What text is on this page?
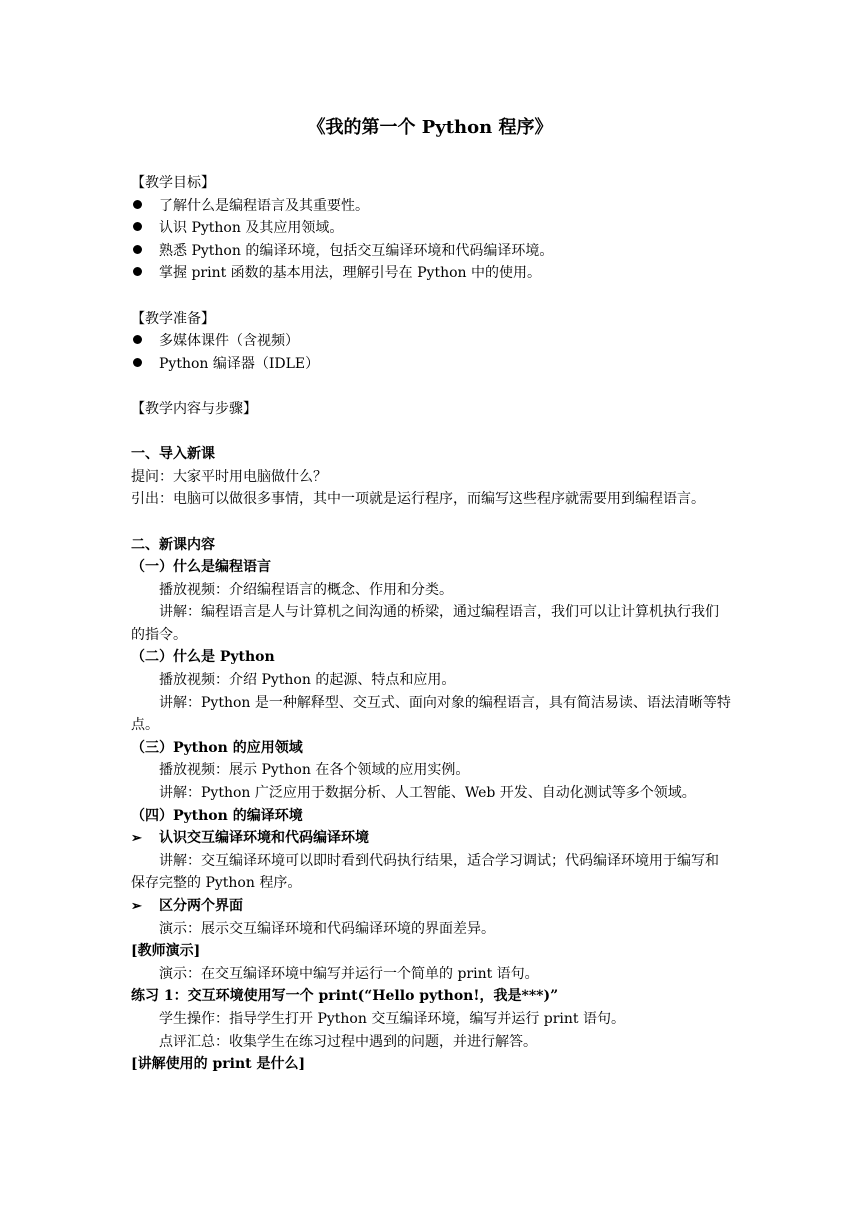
《我的第一个 Python 程序》
【教学目标】
了解什么是编程语言及其重要性。
认识 Python 及其应用领域。
熟悉 Python 的编译环境，包括交互编译环境和代码编译环境。
掌握 print 函数的基本用法，理解引号在 Python 中的使用。
【教学准备】
多媒体课件（含视频）
Python 编译器（IDLE）
【教学内容与步骤】
一、导入新课
提问：大家平时用电脑做什么？
引出：电脑可以做很多事情，其中一项就是运行程序，而编写这些程序就需要用到编程语言。
二、新课内容
（一）什么是编程语言
播放视频：介绍编程语言的概念、作用和分类。
讲解：编程语言是人与计算机之间沟通的桥梁，通过编程语言，我们可以让计算机执行我们的指令。
（二）什么是 Python
播放视频：介绍 Python 的起源、特点和应用。
讲解：Python 是一种解释型、交互式、面向对象的编程语言，具有简洁易读、语法清晰等特点。
（三）Python 的应用领域
播放视频：展示 Python 在各个领域的应用实例。
讲解：Python 广泛应用于数据分析、人工智能、Web 开发、自动化测试等多个领域。
（四）Python 的编译环境
➢ 认识交互编译环境和代码编译环境
讲解：交互编译环境可以即时看到代码执行结果，适合学习调试；代码编译环境用于编写和保存完整的 Python 程序。
➢ 区分两个界面
演示：展示交互编译环境和代码编译环境的界面差异。
[教师演示]
演示：在交互编译环境中编写并运行一个简单的 print 语句。
练习 1：交互环境使用写一个 print(“Hello python!，我是***)”
学生操作：指导学生打开 Python 交互编译环境，编写并运行 print 语句。
点评汇总：收集学生在练习过程中遇到的问题，并进行解答。
[讲解使用的 print 是什么]
